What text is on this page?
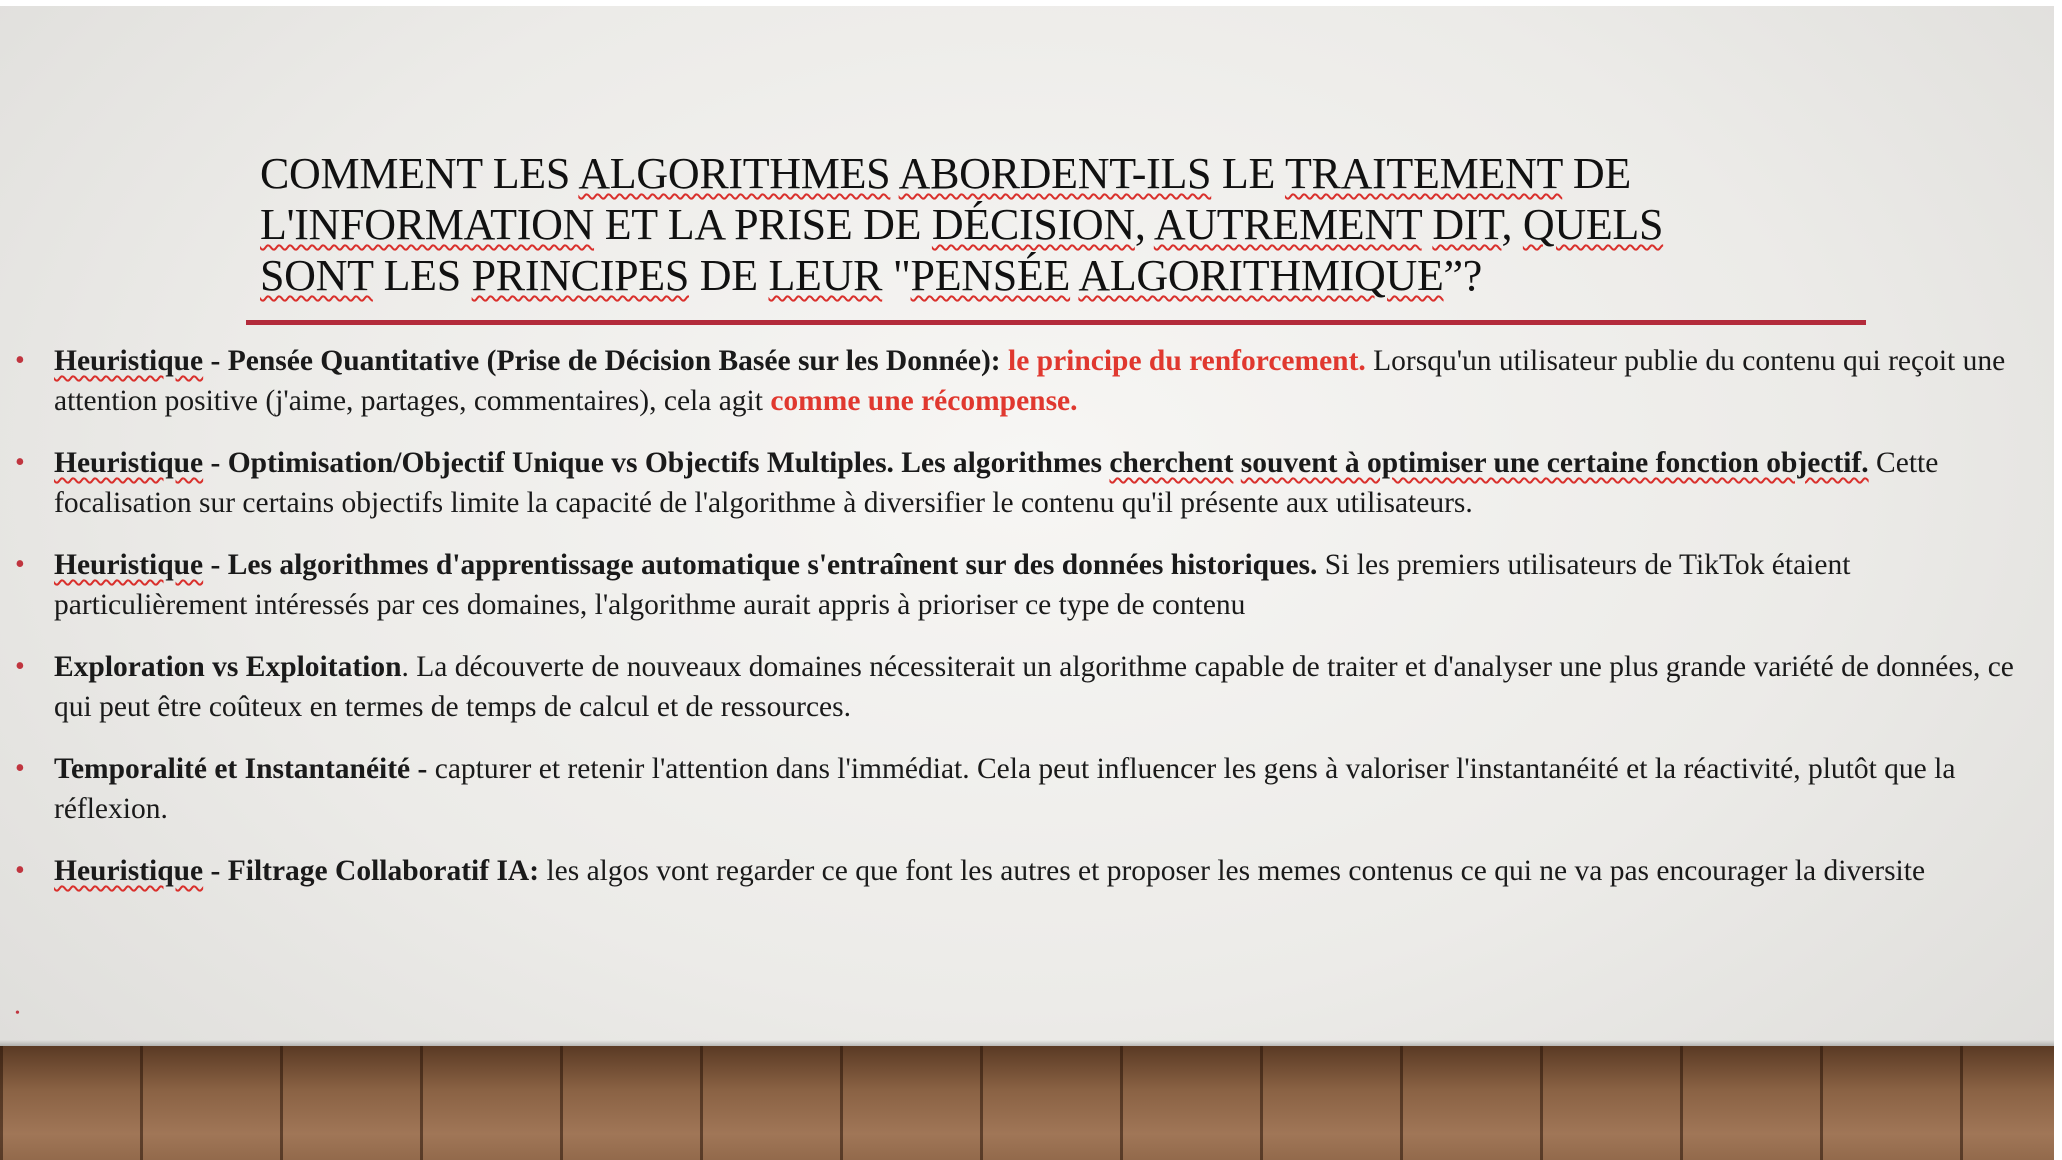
COMMENT LES ALGORITHMES ABORDENT-ILS LE TRAITEMENT DE
L'INFORMATION ET LA PRISE DE DÉCISION, AUTREMENT DIT, QUELS
SONT LES PRINCIPES DE LEUR "PENSÉE ALGORITHMIQUE”?
• Heuristique - Pensée Quantitative (Prise de Décision Basée sur les Donnée): le principe du renforcement. Lorsqu'un utilisateur publie du contenu qui reçoit une attention positive (j'aime, partages, commentaires), cela agit comme une récompense.
• Heuristique - Optimisation/Objectif Unique vs Objectifs Multiples. Les algorithmes cherchent souvent à optimiser une certaine fonction objectif. Cette focalisation sur certains objectifs limite la capacité de l'algorithme à diversifier le contenu qu'il présente aux utilisateurs.
• Heuristique - Les algorithmes d'apprentissage automatique s'entraînent sur des données historiques. Si les premiers utilisateurs de TikTok étaient particulièrement intéressés par ces domaines, l'algorithme aurait appris à prioriser ce type de contenu
• Exploration vs Exploitation. La découverte de nouveaux domaines nécessiterait un algorithme capable de traiter et d'analyser une plus grande variété de données, ce qui peut être coûteux en termes de temps de calcul et de ressources.
• Temporalité et Instantanéité - capturer et retenir l'attention dans l'immédiat. Cela peut influencer les gens à valoriser l'instantanéité et la réactivité, plutôt que la réflexion.
• Heuristique - Filtrage Collaboratif IA: les algos vont regarder ce que font les autres et proposer les memes contenus ce qui ne va pas encourager la diversite
•
